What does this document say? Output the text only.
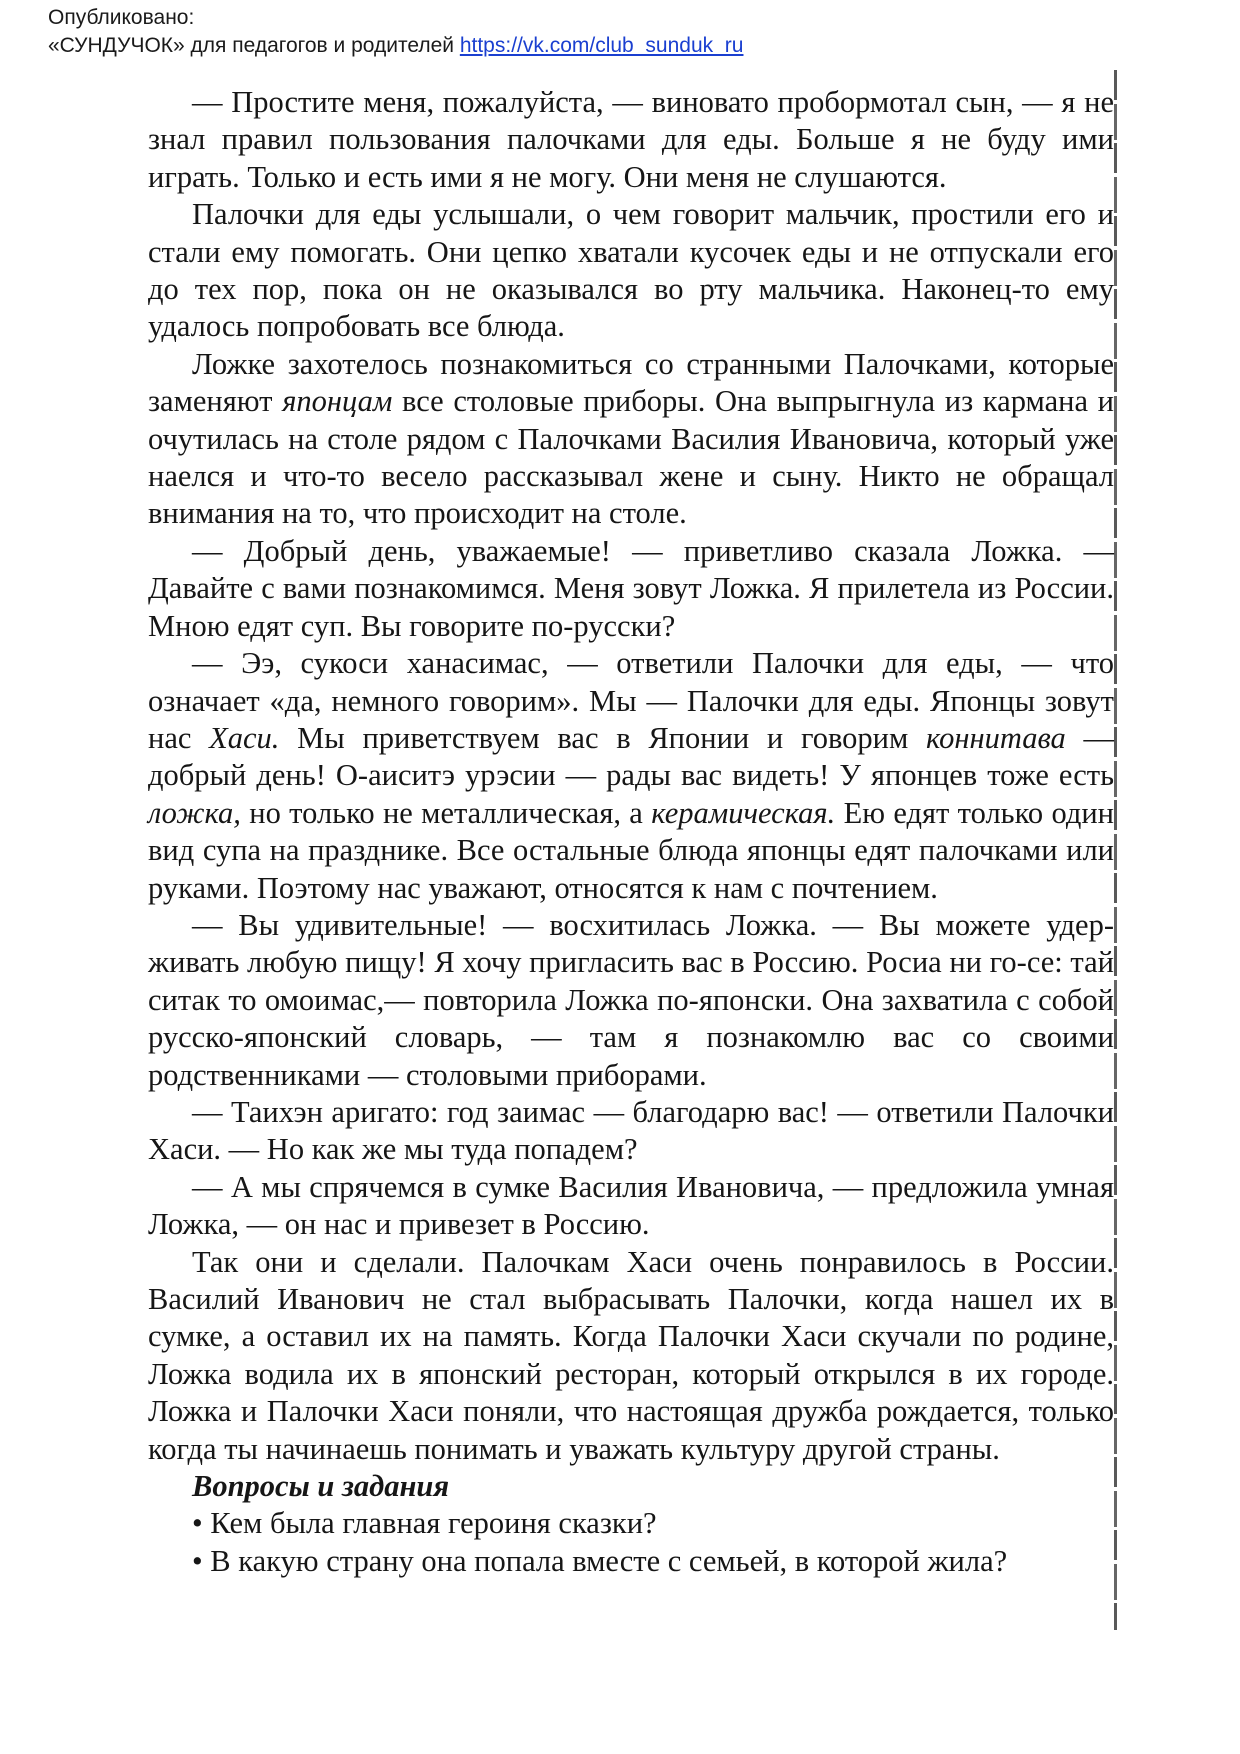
Опубликовано:
«СУНДУЧОК» для педагогов и родителей https://vk.com/club_sunduk_ru

— Простите меня, пожалуйста, — виновато пробормотал сын, — я не знал правил пользования палочками для еды. Больше я не буду ими играть. Только и есть ими я не могу. Они меня не слушаются.

Палочки для еды услышали, о чем говорит мальчик, простили его и стали ему помогать. Они цепко хватали кусочек еды и не отпускали его до тех пор, пока он не оказывался во рту мальчика. Наконец-то ему удалось попробовать все блюда.

Ложке захотелось познакомиться со странными Палочками, которые заменяют японцам все столовые приборы. Она выпрыгнула из кармана и очутилась на столе рядом с Палочками Василия Ивановича, который уже наелся и что-то весело рассказывал жене и сыну. Никто не обращал внимания на то, что происходит на столе.

— Добрый день, уважаемые! — приветливо сказала Ложка. — Давайте с вами познакомимся. Меня зовут Ложка. Я прилетела из России. Мною едят суп. Вы говорите по-русски?

— Ээ, сукоси ханасимас, — ответили Палочки для еды, — что означает «да, немного говорим». Мы — Палочки для еды. Японцы зовут нас Хаси. Мы приветствуем вас в Японии и говорим коннитава — добрый день! О-аиситэ урэсии — рады вас видеть! У японцев тоже есть ложка, но только не металлическая, а керамическая. Ею едят только один вид супа на празднике. Все остальные блюда японцы едят палочками или руками. Поэтому нас уважают, относятся к нам с почтением.

— Вы удивительные! — восхитилась Ложка. — Вы можете удерживать любую пищу! Я хочу пригласить вас в Россию. Росиа ни го-се: тай ситак то омоимас,— повторила Ложка по-японски. Она захватила с собой русско-японский словарь, — там я познакомлю вас со своими родственниками — столовыми приборами.

— Таихэн аригато: год заимас — благодарю вас! — ответили Палочки Хаси. — Но как же мы туда попадем?

— А мы спрячемся в сумке Василия Ивановича, — предложила умная Ложка, — он нас и привезет в Россию.

Так они и сделали. Палочкам Хаси очень понравилось в России. Василий Иванович не стал выбрасывать Палочки, когда нашел их в сумке, а оставил их на память. Когда Палочки Хаси скучали по родине, Ложка водила их в японский ресторан, который открылся в их городе. Ложка и Палочки Хаси поняли, что настоящая дружба рождается, только когда ты начинаешь понимать и уважать культуру другой страны.

Вопросы и задания

• Кем была главная героиня сказки?

• В какую страну она попала вместе с семьей, в которой жила?
